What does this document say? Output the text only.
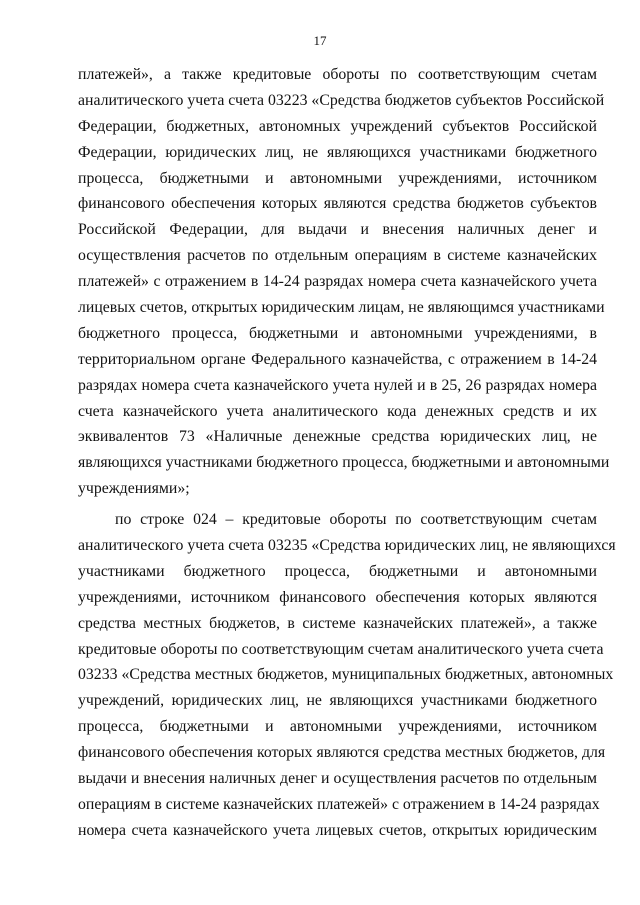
17
платежей», а также кредитовые обороты по соответствующим счетам
аналитического учета счета 03223 «Средства бюджетов субъектов Российской
Федерации, бюджетных, автономных учреждений субъектов Российской
Федерации, юридических лиц, не являющихся участниками бюджетного
процесса, бюджетными и автономными учреждениями, источником
финансового обеспечения которых являются средства бюджетов субъектов
Российской Федерации, для выдачи и внесения наличных денег и
осуществления расчетов по отдельным операциям в системе казначейских
платежей» с отражением в 14-24 разрядах номера счета казначейского учета
лицевых счетов, открытых юридическим лицам, не являющимся участниками
бюджетного процесса, бюджетными и автономными учреждениями, в
территориальном органе Федерального казначейства, с отражением в 14-24
разрядах номера счета казначейского учета нулей и в 25, 26 разрядах номера
счета казначейского учета аналитического кода денежных средств и их
эквивалентов 73 «Наличные денежные средства юридических лиц, не
являющихся участниками бюджетного процесса, бюджетными и автономными
учреждениями»;
по строке 024 – кредитовые обороты по соответствующим счетам
аналитического учета счета 03235 «Средства юридических лиц, не являющихся
участниками бюджетного процесса, бюджетными и автономными
учреждениями, источником финансового обеспечения которых являются
средства местных бюджетов, в системе казначейских платежей», а также
кредитовые обороты по соответствующим счетам аналитического учета счета
03233 «Средства местных бюджетов, муниципальных бюджетных, автономных
учреждений, юридических лиц, не являющихся участниками бюджетного
процесса, бюджетными и автономными учреждениями, источником
финансового обеспечения которых являются средства местных бюджетов, для
выдачи и внесения наличных денег и осуществления расчетов по отдельным
операциям в системе казначейских платежей» с отражением в 14-24 разрядах
номера счета казначейского учета лицевых счетов, открытых юридическим
